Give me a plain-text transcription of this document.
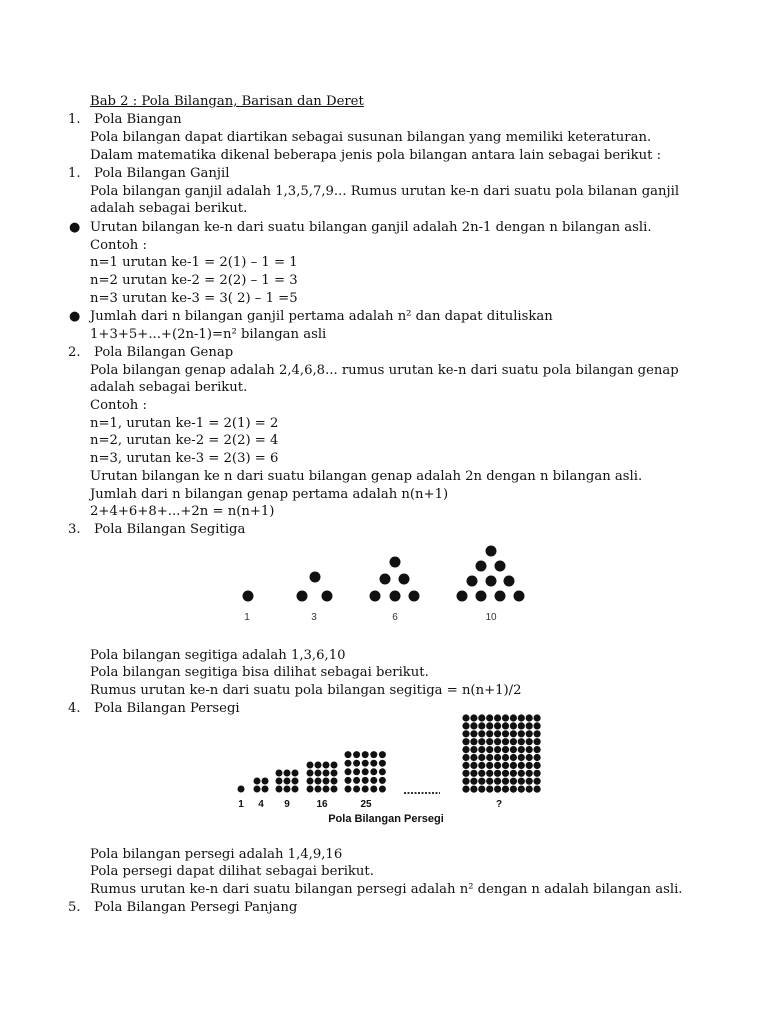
Bab 2 : Pola Bilangan, Barisan dan Deret
1. Pola Biangan
Pola bilangan dapat diartikan sebagai susunan bilangan yang memiliki keteraturan.
Dalam matematika dikenal beberapa jenis pola bilangan antara lain sebagai berikut :
1. Pola Bilangan Ganjil
Pola bilangan ganjil adalah 1,3,5,7,9... Rumus urutan ke-n dari suatu pola bilanan ganjil
adalah sebagai berikut.
● Urutan bilangan ke-n dari suatu bilangan ganjil adalah 2n-1 dengan n bilangan asli.
Contoh :
n=1 urutan ke-1 = 2(1) – 1 = 1
n=2 urutan ke-2 = 2(2) – 1 = 3
n=3 urutan ke-3 = 3( 2) – 1 =5
● Jumlah dari n bilangan ganjil pertama adalah n² dan dapat dituliskan
1+3+5+...+(2n-1)=n² bilangan asli
2. Pola Bilangan Genap
Pola bilangan genap adalah 2,4,6,8... rumus urutan ke-n dari suatu pola bilangan genap
adalah sebagai berikut.
Contoh :
n=1, urutan ke-1 = 2(1) = 2
n=2, urutan ke-2 = 2(2) = 4
n=3, urutan ke-3 = 2(3) = 6
Urutan bilangan ke n dari suatu bilangan genap adalah 2n dengan n bilangan asli.
Jumlah dari n bilangan genap pertama adalah n(n+1)
2+4+6+8+...+2n = n(n+1)
3. Pola Bilangan Segitiga
1	3	6	10
Pola bilangan segitiga adalah 1,3,6,10
Pola bilangan segitiga bisa dilihat sebagai berikut.
Rumus urutan ke-n dari suatu pola bilangan segitiga = n(n+1)/2
4. Pola Bilangan Persegi
1 4 9	16	25	?
Pola Bilangan Persegi
Pola bilangan persegi adalah 1,4,9,16
Pola persegi dapat dilihat sebagai berikut.
Rumus urutan ke-n dari suatu bilangan persegi adalah n² dengan n adalah bilangan asli.
5. Pola Bilangan Persegi Panjang
